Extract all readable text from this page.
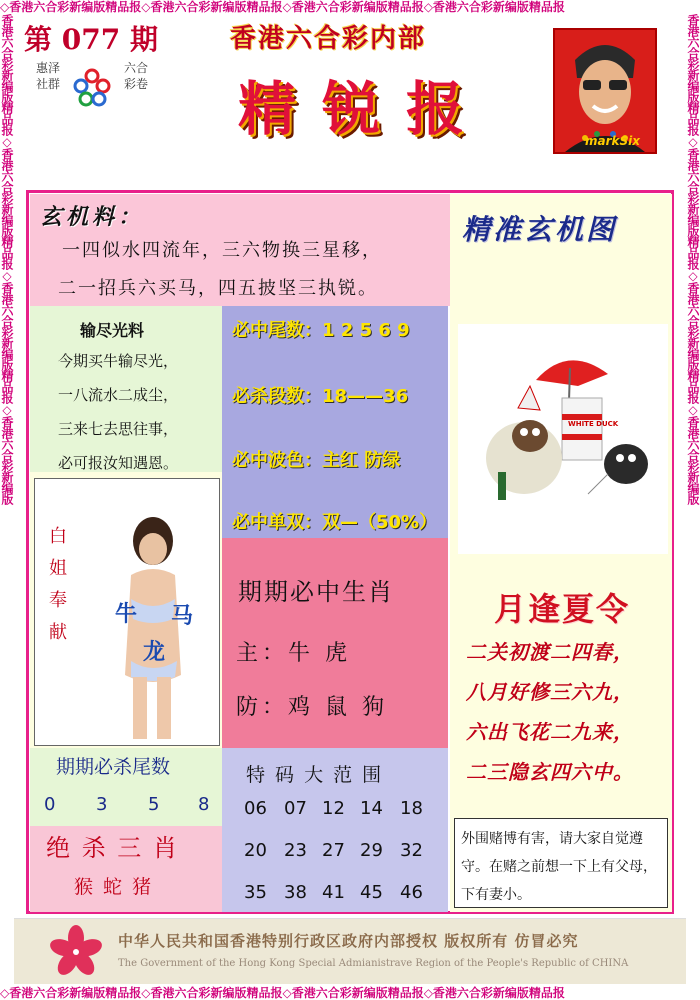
◇香港六合彩新编版精品报◇香港六合彩新编版精品报◇香港六合彩新编版精品报◇香港六合彩新编版精品报
◇香港六合彩新编版精品报◇香港六合彩新编版精品报◇香港六合彩新编版精品报◇香港六合彩新编版精品报
香港六合彩新编版精品报◇香港六合彩新编版精品报◇香港六合彩新编版精品报◇香港六合彩新编版	香港六合彩新编版精品报◇香港六合彩新编版精品报◇香港六合彩新编版精品报◇香港六合彩新编版
第 077 期
惠泽社群
六合彩卷
香港六合彩内部
精锐报	markSix
玄机料：
一四似水四流年，三六物换三星移，
二一招兵六买马，四五披坚三执锐。
精准玄机图
WHITE DUCK
月逢夏令
二关初渡二四春，
八月好修三六九，
六出飞花二九来，
二三隐玄四六中。
外围赌博有害，请大家自觉遵守。在赌之前想一下上有父母，下有妻小。
输尽光料
今期买牛输尽光，
一八流水二成尘，
三来七去思往事，
必可报汝知遇恩。
必中尾数：1 2 5 6 9
必杀段数：18——36
必中波色：主红 防绿
必中单双：双—（50%）
白姐奉献
牛 马
龙
期期必中生肖
主：牛 虎
防：鸡 鼠 狗
期期必杀尾数
0 3 5 8
绝 杀 三 肖
猴 蛇 猪
特 码 大 范 围
06 07 12 14 18
20 23 27 29 32
35 38 41 45 46
中华人民共和国香港特别行政区政府内部授权 版权所有 仿冒必究
The Government of the Hong Kong Special Admianistrave Region of the People's Republic of CHINA
